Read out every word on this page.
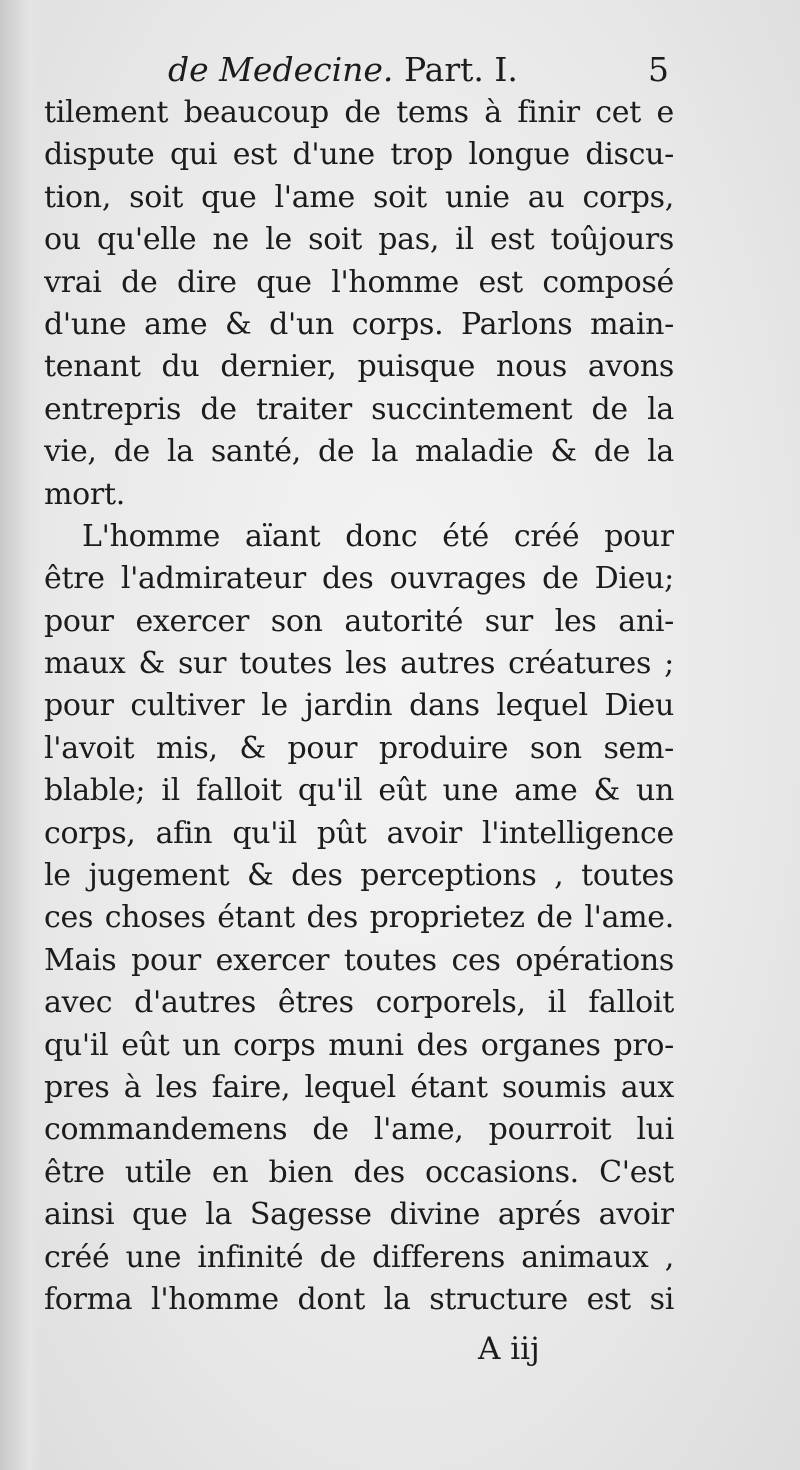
de Medecine. Part. I.	5
tilement beaucoup de tems à finir cet e
dispute qui est d'une trop longue discu-
tion, soit que l'ame soit unie au corps,
ou qu'elle ne le soit pas, il est toûjours
vrai de dire que l'homme est composé
d'une ame & d'un corps. Parlons main-
tenant du dernier, puisque nous avons
entrepris de traiter succintement de la
vie, de la santé, de la maladie & de la
mort.
L'homme aïant donc été créé pour
être l'admirateur des ouvrages de Dieu;
pour exercer son autorité sur les ani-
maux & sur toutes les autres créatures ;
pour cultiver le jardin dans lequel Dieu
l'avoit mis, & pour produire son sem-
blable; il falloit qu'il eût une ame & un
corps, afin qu'il pût avoir l'intelligence
le jugement & des perceptions , toutes
ces choses étant des proprietez de l'ame.
Mais pour exercer toutes ces opérations
avec d'autres êtres corporels, il falloit
qu'il eût un corps muni des organes pro-
pres à les faire, lequel étant soumis aux
commandemens de l'ame, pourroit lui
être utile en bien des occasions. C'est
ainsi que la Sagesse divine aprés avoir
créé une infinité de differens animaux ,
forma l'homme dont la structure est si
A iij
